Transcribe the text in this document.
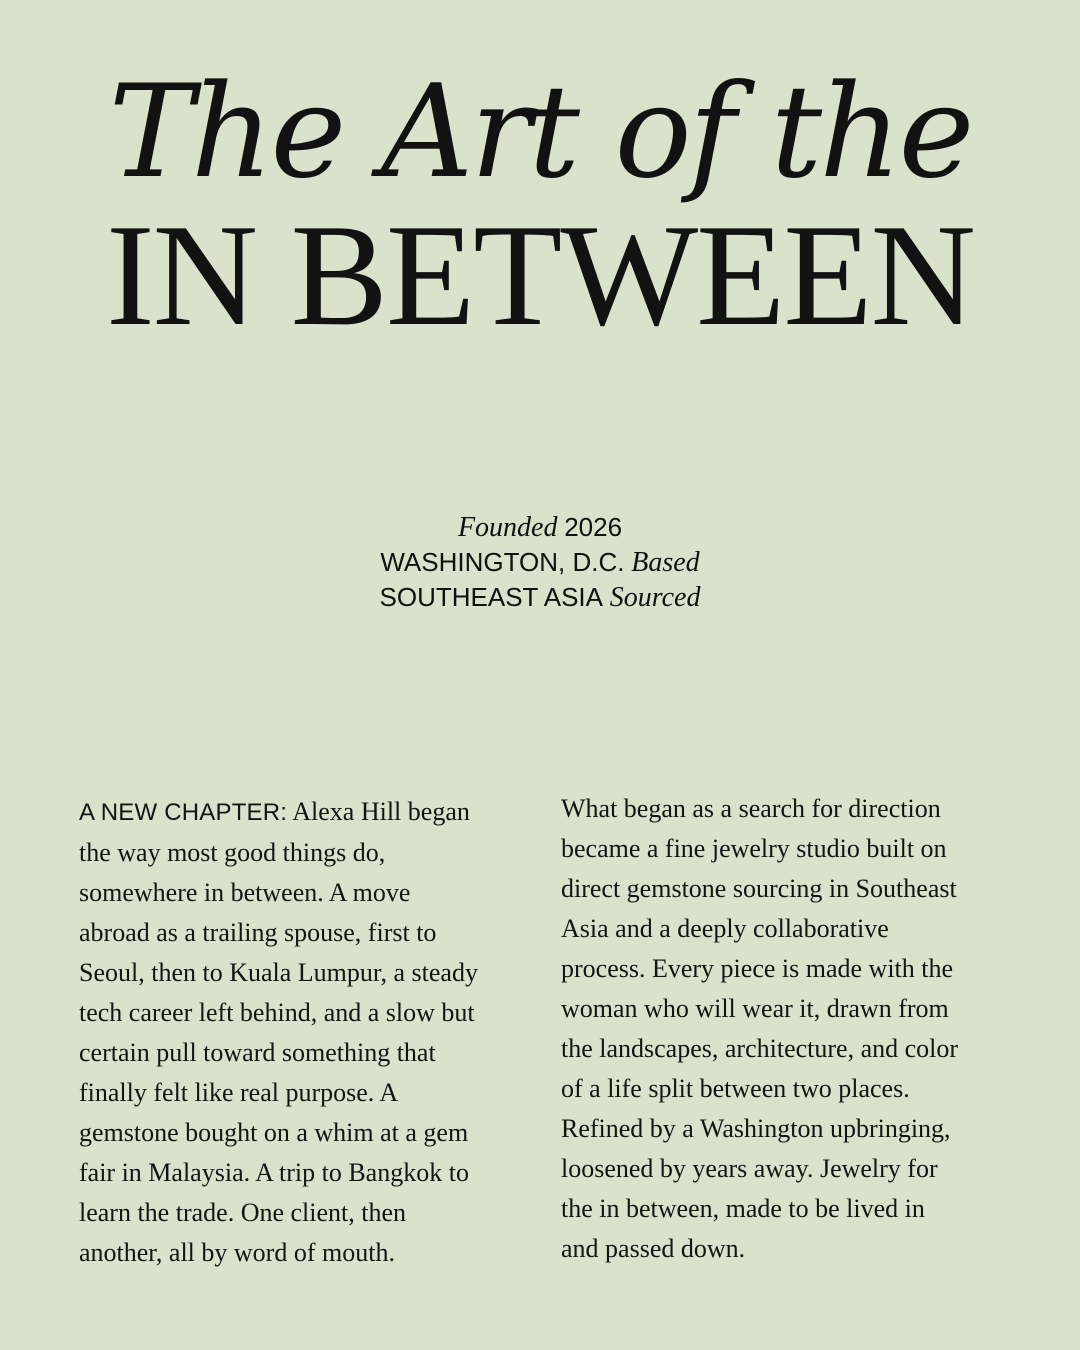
The Art of the
IN BETWEEN
Founded 2026
WASHINGTON, D.C. Based
SOUTHEAST ASIA Sourced
A NEW CHAPTER: Alexa Hill began
the way most good things do,
somewhere in between. A move
abroad as a trailing spouse, first to
Seoul, then to Kuala Lumpur, a steady
tech career left behind, and a slow but
certain pull toward something that
finally felt like real purpose. A
gemstone bought on a whim at a gem
fair in Malaysia. A trip to Bangkok to
learn the trade. One client, then
another, all by word of mouth.
What began as a search for direction
became a fine jewelry studio built on
direct gemstone sourcing in Southeast
Asia and a deeply collaborative
process. Every piece is made with the
woman who will wear it, drawn from
the landscapes, architecture, and color
of a life split between two places.
Refined by a Washington upbringing,
loosened by years away. Jewelry for
the in between, made to be lived in
and passed down.
